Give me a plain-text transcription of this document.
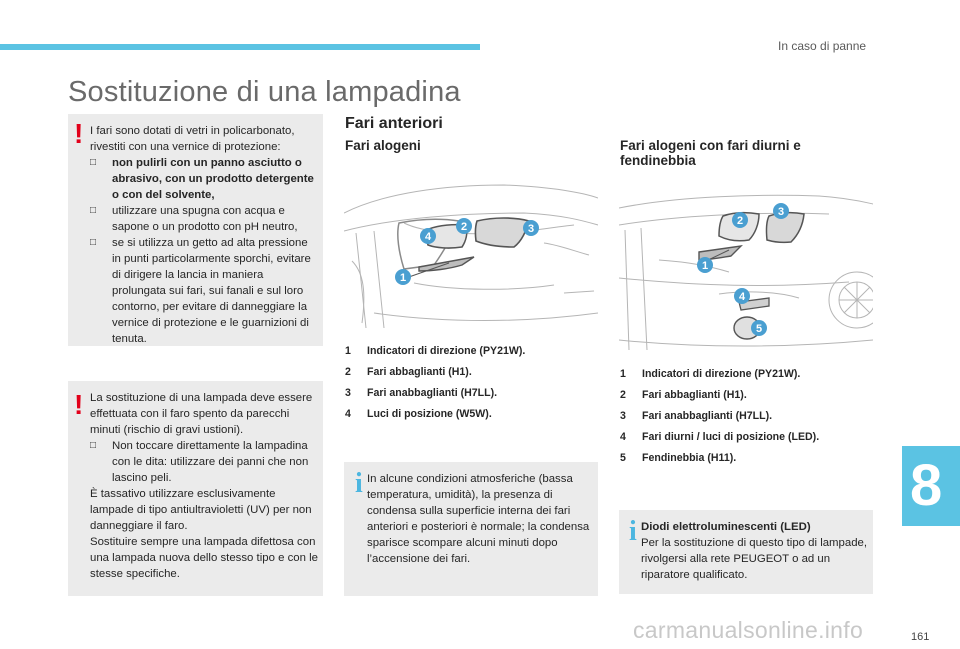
In caso di panne
Sostituzione di una lampadina
! I fari sono dotati di vetri in policarbonato, rivestiti con una vernice di protezione:

□	non pulirli con un panno asciutto o abrasivo, con un prodotto detergente o con del solvente,
□	utilizzare una spugna con acqua e sapone o un prodotto con pH neutro,
□	se si utilizza un getto ad alta pressione in punti particolarmente sporchi, evitare di dirigere la lancia in maniera prolungata sui fari, sui fanali e sul loro contorno, per evitare di danneggiare la vernice di protezione e le guarnizioni di tenuta.
! La sostituzione di una lampada deve essere effettuata con il faro spento da parecchi minuti (rischio di gravi ustioni).

□	Non toccare direttamente la lampadina con le dita: utilizzare dei panni che non lascino peli.

È tassativo utilizzare esclusivamente lampade di tipo antiultravioletti (UV) per non danneggiare il faro.

Sostituire sempre una lampada difettosa con una lampada nuova dello stesso tipo e con le stesse specifiche.

Fari anteriori
Fari alogeni
1
2	3
4
1 Indicatori di direzione (PY21W).
2 Fari abbaglianti (H1).
3 Fari anabbaglianti (H7LL).
4 Luci di posizione (W5W).
i In alcune condizioni atmosferiche (bassa temperatura, umidità), la presenza di condensa sulla superficie interna dei fari anteriori e posteriori è normale; la condensa sparisce scompare alcuni minuti dopo l’accensione dei fari.
Fari alogeni con fari diurni e fendinebbia
1
2
3
4
5
1 Indicatori di direzione (PY21W).
2 Fari abbaglianti (H1).
3 Fari anabbaglianti (H7LL).
4 Fari diurni / luci di posizione (LED).
5 Fendinebbia (H11).
i Diodi elettroluminescenti (LED)

Per la sostituzione di questo tipo di lampade, rivolgersi alla rete PEUGEOT o ad un riparatore qualificato.

8
carmanualsonline.info	161
